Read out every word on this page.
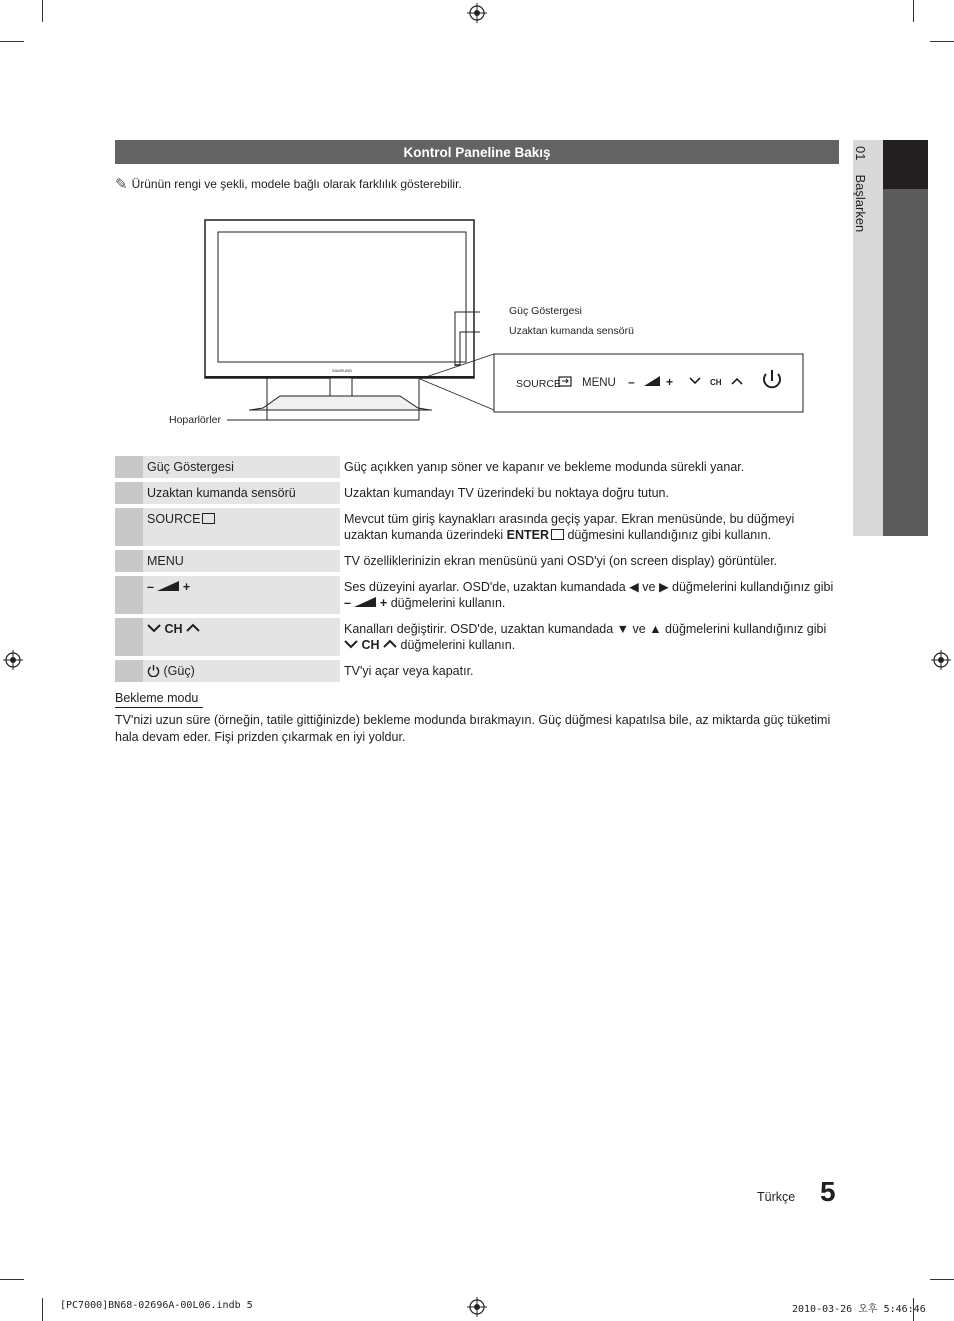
01Başlarken
Kontrol Paneline Bakış
✎ Ürünün rengi ve şekli, modele bağlı olarak farklılık gösterebilir.
SAMSUNG
SOURCE MENU –	+	CH
Güç Göstergesi
Uzaktan kumanda sensörü
Hoparlörler
	Güç Göstergesi	Güç açıkken yanıp söner ve kapanır ve bekleme modunda sürekli yanar.
	Uzaktan kumanda sensörü	Uzaktan kumandayı TV üzerindeki bu noktaya doğru tutun.
	SOURCE	Mevcut tüm giriş kaynakları arasında geçiş yapar. Ekran menüsünde, bu düğmeyi uzaktan kumanda üzerindeki ENTER düğmesini kullandığınız gibi kullanın.
	MENU	TV özelliklerinizin ekran menüsünü yani OSD'yi (on screen display) görüntüler.
	– +	Ses düzeyini ayarlar. OSD'de, uzaktan kumandada ◀ ve ▶ düğmelerini kullandığınız gibi
– + düğmelerini kullanın.
	CH	Kanalları değiştirir. OSD'de, uzaktan kumandada ▼ ve ▲ düğmelerini kullandığınız gibi
CH düğmelerini kullanın.
	(Güç)	TV'yi açar veya kapatır.
Bekleme modu
TV'nizi uzun süre (örneğin, tatile gittiğinizde) bekleme modunda bırakmayın. Güç düğmesi kapatılsa bile, az miktarda güç tüketimi hala devam eder. Fişi prizden çıkarmak en iyi yoldur.
Türkçe 5
[PC7000]BN68-02696A-00L06.indb 5	2010-03-26 오후 5:46:46
